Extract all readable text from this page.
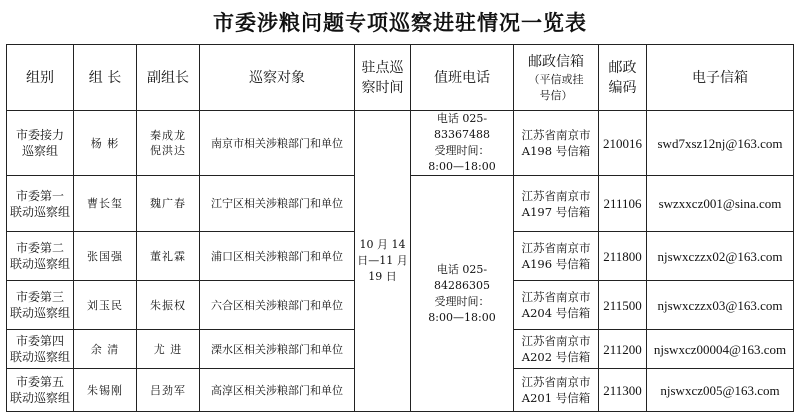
市委涉粮问题专项巡察进驻情况一览表
组别	组 长	副组长	巡察对象	驻点巡
察时间	值班电话	邮政信箱
（平信或挂
号信）	邮政
编码	电子信箱

市委接力
巡察组	杨 彬	秦成龙
倪洪达	南京市相关涉粮部门和单位	10 月 14
日—11 月
19 日	电话 025-83367488
受理时间：
8:00—18:00	江苏省南京市
A198 号信箱	210016	swd7xsz12nj@163.com

市委第一
联动巡察组	曹长玺	魏广春	江宁区相关涉粮部门和单位		电话 025-84286305
受理时间：
8:00—18:00	江苏省南京市
A197 号信箱	211106	swzxxcz001@sina.com

市委第二
联动巡察组	张国强	董礼霖	浦口区相关涉粮部门和单位			江苏省南京市
A196 号信箱	211800	njswxczzx02@163.com

市委第三
联动巡察组	刘玉民	朱振权	六合区相关涉粮部门和单位			江苏省南京市
A204 号信箱	211500	njswxczzx03@163.com

市委第四
联动巡察组	余 清	尤 进	溧水区相关涉粮部门和单位			江苏省南京市
A202 号信箱	211200	njswxcz00004@163.com

市委第五
联动巡察组	朱锡刚	吕劲军	高淳区相关涉粮部门和单位			江苏省南京市
A201 号信箱	211300	njswxcz005@163.com
